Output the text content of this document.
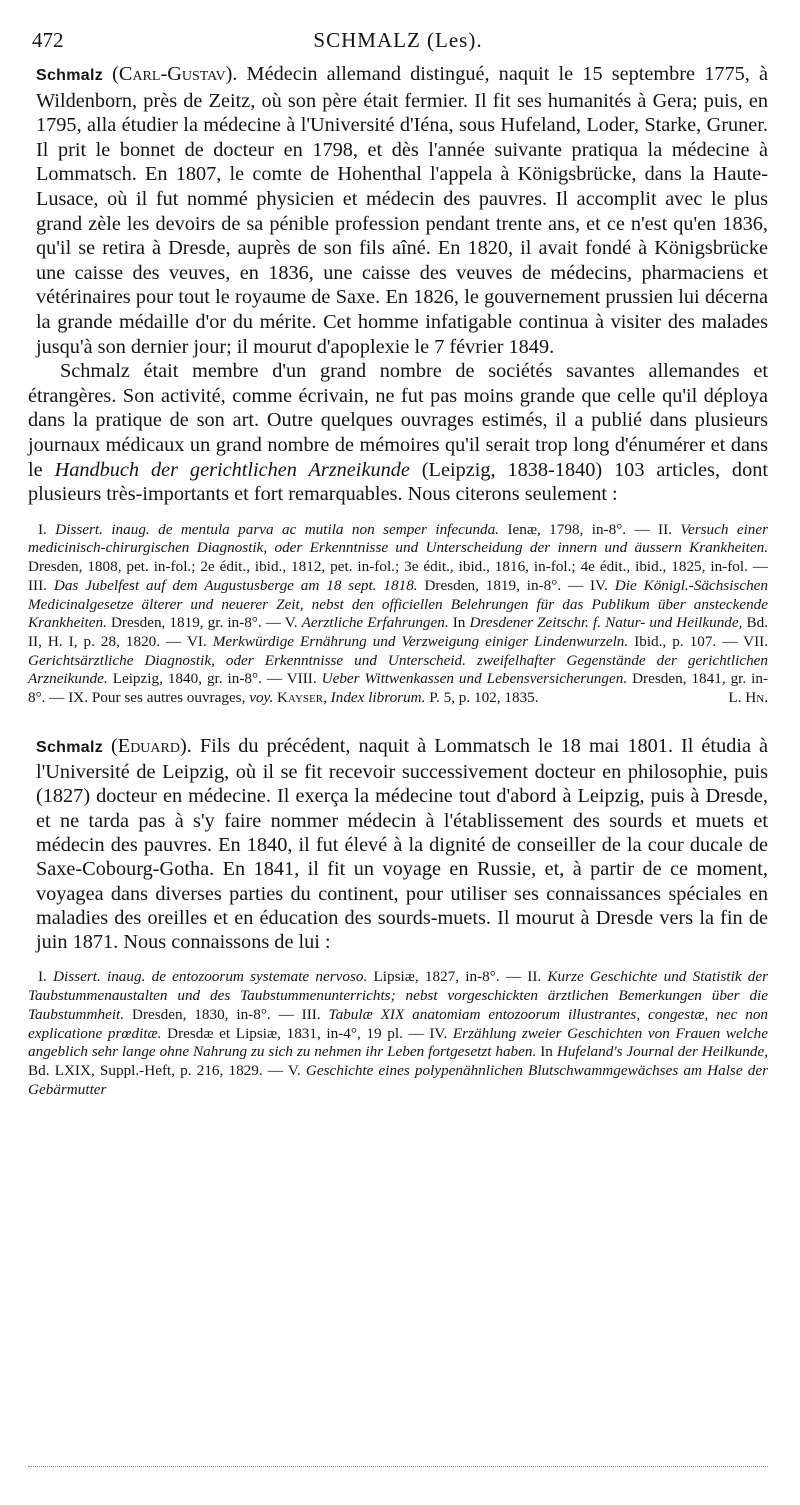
472	SCHMALZ (Les).

Schmalz (Carl-Gustav). Médecin allemand distingué, naquit le 15 septembre 1775, à Wildenborn, près de Zeitz, où son père était fermier. Il fit ses humanités à Gera; puis, en 1795, alla étudier la médecine à l'Université d'Iéna, sous Hufeland, Loder, Starke, Gruner. Il prit le bonnet de docteur en 1798, et dès l'année suivante pratiqua la médecine à Lommatsch. En 1807, le comte de Hohenthal l'appela à Königsbrücke, dans la Haute-Lusace, où il fut nommé physicien et médecin des pauvres. Il accomplit avec le plus grand zèle les devoirs de sa pénible profession pendant trente ans, et ce n'est qu'en 1836, qu'il se retira à Dresde, auprès de son fils aîné. En 1820, il avait fondé à Königsbrücke une caisse des veuves, en 1836, une caisse des veuves de médecins, pharmaciens et vétérinaires pour tout le royaume de Saxe. En 1826, le gouvernement prussien lui décerna la grande médaille d'or du mérite. Cet homme infatigable continua à visiter des malades jusqu'à son dernier jour; il mourut d'apoplexie le 7 février 1849.

Schmalz était membre d'un grand nombre de sociétés savantes allemandes et étrangères. Son activité, comme écrivain, ne fut pas moins grande que celle qu'il déploya dans la pratique de son art. Outre quelques ouvrages estimés, il a publié dans plusieurs journaux médicaux un grand nombre de mémoires qu'il serait trop long d'énumérer et dans le Handbuch der gerichtlichen Arzneikunde (Leipzig, 1838-1840) 103 articles, dont plusieurs très-importants et fort remarquables. Nous citerons seulement :

I. Dissert. inaug. de mentula parva ac mutila non semper infecunda. Ienæ, 1798, in-8°. — II. Versuch einer medicinisch-chirurgischen Diagnostik, oder Erkenntnisse und Unterscheidung der innern und äussern Krankheiten. Dresden, 1808, pet. in-fol.; 2e édit., ibid., 1812, pet. in-fol.; 3e édit., ibid., 1816, in-fol.; 4e édit., ibid., 1825, in-fol. — III. Das Jubelfest auf dem Augustusberge am 18 sept. 1818. Dresden, 1819, in-8°. — IV. Die Königl.-Sächsischen Medicinalgesetze älterer und neuerer Zeit, nebst den officiellen Belehrungen für das Publikum über ansteckende Krankheiten. Dresden, 1819, gr. in-8°. — V. Aerztliche Erfahrungen. In Dresdener Zeitschr. f. Natur- und Heilkunde, Bd. II, H. I, p. 28, 1820. — VI. Merkwürdige Ernährung und Verzweigung einiger Lindenwurzeln. Ibid., p. 107. — VII. Gerichtsärztliche Diagnostik, oder Erkenntnisse und Unterscheid. zweifelhafter Gegenstände der gerichtlichen Arzneikunde. Leipzig, 1840, gr. in-8°. — VIII. Ueber Wittwenkassen und Lebensversicherungen. Dresden, 1841, gr. in-8°. — IX. Pour ses autres ouvrages, voy. Kayser, Index librorum. P. 5, p. 102, 1835.	L. Hn.

Schmalz (Eduard). Fils du précédent, naquit à Lommatsch le 18 mai 1801. Il étudia à l'Université de Leipzig, où il se fit recevoir successivement docteur en philosophie, puis (1827) docteur en médecine. Il exerça la médecine tout d'abord à Leipzig, puis à Dresde, et ne tarda pas à s'y faire nommer médecin à l'établissement des sourds et muets et médecin des pauvres. En 1840, il fut élevé à la dignité de conseiller de la cour ducale de Saxe-Cobourg-Gotha. En 1841, il fit un voyage en Russie, et, à partir de ce moment, voyagea dans diverses parties du continent, pour utiliser ses connaissances spéciales en maladies des oreilles et en éducation des sourds-muets. Il mourut à Dresde vers la fin de juin 1871. Nous connaissons de lui :

I. Dissert. inaug. de entozoorum systemate nervoso. Lipsiæ, 1827, in-8°. — II. Kurze Geschichte und Statistik der Taubstummenaustalten und des Taubstummenunterrichts; nebst vorgeschickten ärztlichen Bemerkungen über die Taubstummheit. Dresden, 1830, in-8°. — III. Tabulæ XIX anatomiam entozoorum illustrantes, congestæ, nec non explicatione prœditæ. Dresdæ et Lipsiæ, 1831, in-4°, 19 pl. — IV. Erzählung zweier Geschichten von Frauen welche angeblich sehr lange ohne Nahrung zu sich zu nehmen ihr Leben fortgesetzt haben. In Hufeland's Journal der Heilkunde, Bd. LXIX, Suppl.-Heft, p. 216, 1829. — V. Geschichte eines polypenähnlichen Blutschwammgewächses am Halse der Gebärmutter
